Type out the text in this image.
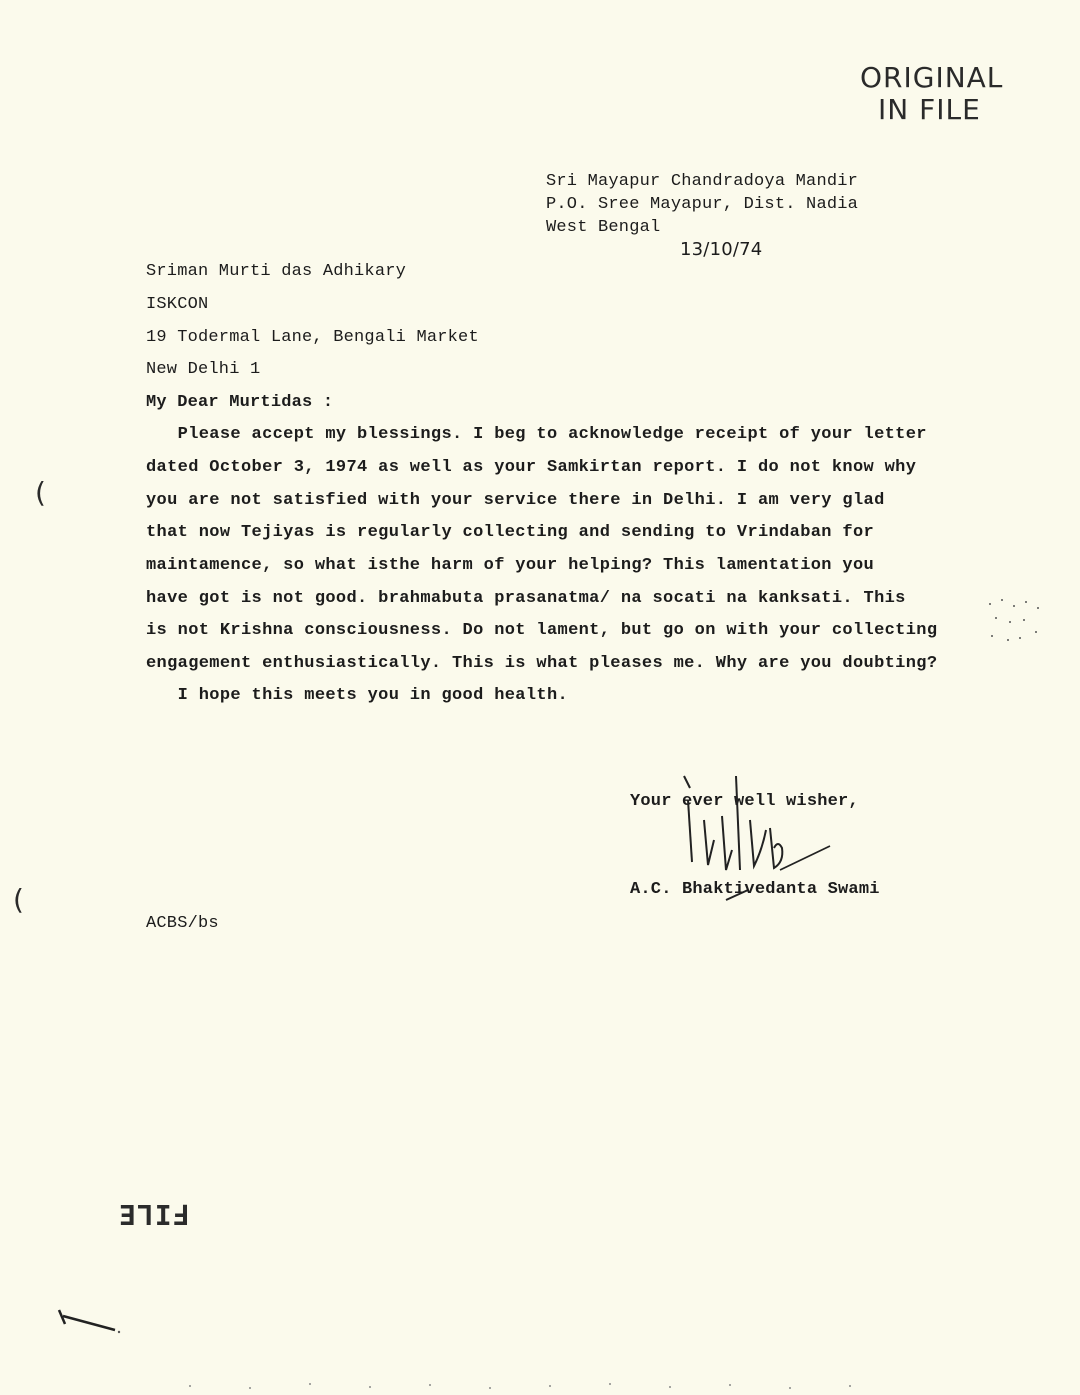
ORIGINAL
IN FILE
Sri Mayapur Chandradoya Mandir
P.O. Sree Mayapur, Dist. Nadia
West Bengal
13/10/74
Sriman Murti das Adhikary
ISKCON
19 Todermal Lane, Bengali Market
New Delhi 1
My Dear Murtidas :
Please accept my blessings. I beg to acknowledge receipt of your letter
dated October 3, 1974 as well as your Samkirtan report. I do not know why
you are not satisfied with your service there in Delhi. I am very glad
that now Tejiyas is regularly collecting and sending to Vrindaban for
maintamence, so what isthe harm of your helping? This lamentation you
have got is not good. brahmabuta prasanatma/ na socati na kanksati. This
is not Krishna consciousness. Do not lament, but go on with your collecting
engagement enthusiastically. This is what pleases me. Why are you doubting?
I hope this meets you in good health.
Your ever well wisher,
A.C. Bhaktivedanta Swami
ACBS/bs
FILE
(
(
